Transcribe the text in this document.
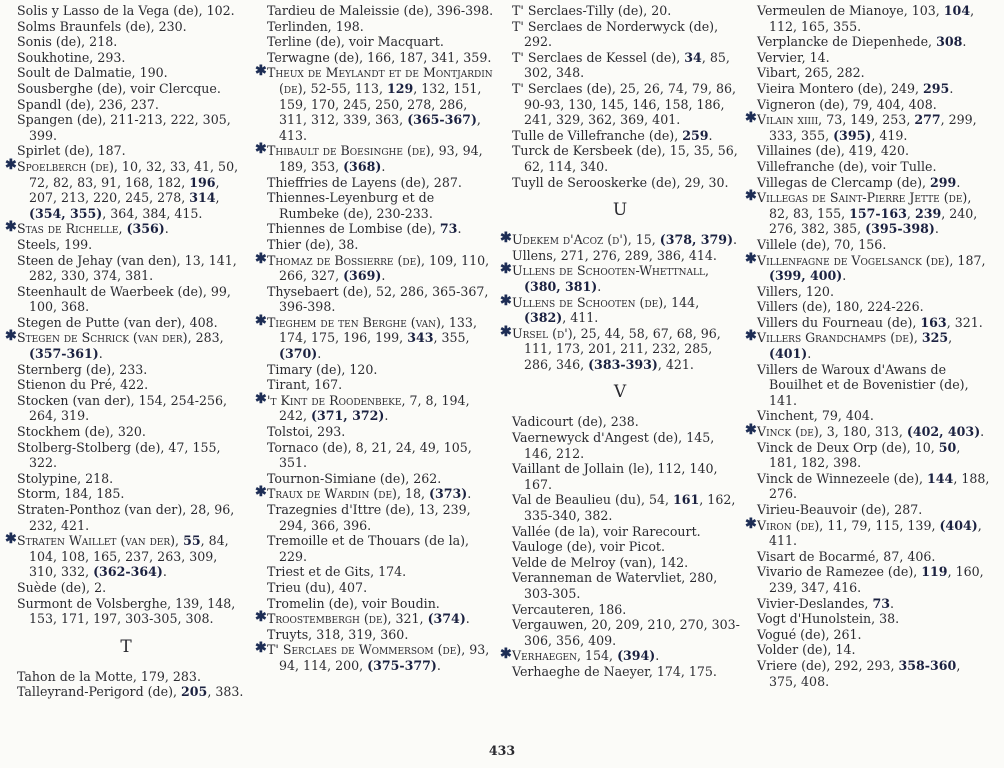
Solis y Lasso de la Vega (de), 102.
Solms Braunfels (de), 230.
Sonis (de), 218.
Soukhotine, 293.
Soult de Dalmatie, 190.
Sousberghe (de), voir Clercque.
Spandl (de), 236, 237.
Spangen (de), 211-213, 222, 305, 399.
Spirlet (de), 187.
✱ Spoelberch (de), 10, 32, 33, 41, 50, 72, 82, 83, 91, 168, 182, 196, 207, 213, 220, 245, 278, 314, (354, 355), 364, 384, 415.
✱ Stas de Richelle, (356).
Steels, 199.
Steen de Jehay (van den), 13, 141, 282, 330, 374, 381.
Steenhault de Waerbeek (de), 99, 100, 368.
Stegen de Putte (van der), 408.
✱ Stegen de Schrick (van der), 283, (357-361).
Sternberg (de), 233.
Stienon du Pré, 422.
Stocken (van der), 154, 254-256, 264, 319.
Stockhem (de), 320.
Stolberg-Stolberg (de), 47, 155, 322.
Stolypine, 218.
Storm, 184, 185.
Straten-Ponthoz (van der), 28, 96, 232, 421.
✱ Straten Waillet (van der), 55, 84, 104, 108, 165, 237, 263, 309, 310, 332, (362-364).
Suède (de), 2.
Surmont de Volsberghe, 139, 148, 153, 171, 197, 303-305, 308.
T
Tahon de la Motte, 179, 283.
Talleyrand-Perigord (de), 205, 383.
Tardieu de Maleissie (de), 396-398.
Terlinden, 198.
Terline (de), voir Macquart.
Terwagne (de), 166, 187, 341, 359.
✱ Theux de Meylandt et de Montjardin (de), 52-55, 113, 129, 132, 151, 159, 170, 245, 250, 278, 286, 311, 312, 339, 363, (365-367), 413.
✱ Thibault de Boesinghe (de), 93, 94, 189, 353, (368).
Thieffries de Layens (de), 287.
Thiennes-Leyenburg et de Rumbeke (de), 230-233.
Thiennes de Lombise (de), 73.
Thier (de), 38.
✱ Thomaz de Bossierre (de), 109, 110, 266, 327, (369).
Thysebaert (de), 52, 286, 365-367, 396-398.
✱ Tieghem de ten Berghe (van), 133, 174, 175, 196, 199, 343, 355, (370).
Timary (de), 120.
Tirant, 167.
✱ 't Kint de Roodenbeke, 7, 8, 194, 242, (371, 372).
Tolstoi, 293.
Tornaco (de), 8, 21, 24, 49, 105, 351.
Tournon-Simiane (de), 262.
✱ Traux de Wardin (de), 18, (373).
Trazegnies d'Ittre (de), 13, 239, 294, 366, 396.
Tremoille et de Thouars (de la), 229.
Triest et de Gits, 174.
Trieu (du), 407.
Tromelin (de), voir Boudin.
✱ Troostembergh (de), 321, (374).
Truyts, 318, 319, 360.
✱ T' Serclaes de Wommersom (de), 93, 94, 114, 200, (375-377).
T' Serclaes-Tilly (de), 20.
T' Serclaes de Norderwyck (de), 292.
T' Serclaes de Kessel (de), 34, 85, 302, 348.
T' Serclaes (de), 25, 26, 74, 79, 86, 90-93, 130, 145, 146, 158, 186, 241, 329, 362, 369, 401.
Tulle de Villefranche (de), 259.
Turck de Kersbeek (de), 15, 35, 56, 62, 114, 340.
Tuyll de Serooskerke (de), 29, 30.
U
✱ Udekem d'Acoz (d'), 15, (378, 379).
Ullens, 271, 276, 289, 386, 414.
✱ Ullens de Schooten-Whettnall, (380, 381).
✱ Ullens de Schooten (de), 144, (382), 411.
✱ Ursel (d'), 25, 44, 58, 67, 68, 96, 111, 173, 201, 211, 232, 285, 286, 346, (383-393), 421.
V
Vadicourt (de), 238.
Vaernewyck d'Angest (de), 145, 146, 212.
Vaillant de Jollain (le), 112, 140, 167.
Val de Beaulieu (du), 54, 161, 162, 335-340, 382.
Vallée (de la), voir Rarecourt.
Vauloge (de), voir Picot.
Velde de Melroy (van), 142.
Veranneman de Watervliet, 280, 303-305.
Vercauteren, 186.
Vergauwen, 20, 209, 210, 270, 303-306, 356, 409.
✱ Verhaegen, 154, (394).
Verhaeghe de Naeyer, 174, 175.
Vermeulen de Mianoye, 103, 104, 112, 165, 355.
Verplancke de Diepenhede, 308.
Vervier, 14.
Vibart, 265, 282.
Vieira Montero (de), 249, 295.
Vigneron (de), 79, 404, 408.
✱ Vilain xiiii, 73, 149, 253, 277, 299, 333, 355, (395), 419.
Villaines (de), 419, 420.
Villefranche (de), voir Tulle.
Villegas de Clercamp (de), 299.
✱ Villegas de Saint-Pierre Jette (de), 82, 83, 155, 157-163, 239, 240, 276, 382, 385, (395-398).
Villele (de), 70, 156.
✱ Villenfagne de Vogelsanck (de), 187, (399, 400).
Villers, 120.
Villers (de), 180, 224-226.
Villers du Fourneau (de), 163, 321.
✱ Villers Grandchamps (de), 325, (401).
Villers de Waroux d'Awans de Bouilhet et de Bovenistier (de), 141.
Vinchent, 79, 404.
✱ Vinck (de), 3, 180, 313, (402, 403).
Vinck de Deux Orp (de), 10, 50, 181, 182, 398.
Vinck de Winnezeele (de), 144, 188, 276.
Virieu-Beauvoir (de), 287.
✱ Viron (de), 11, 79, 115, 139, (404), 411.
Visart de Bocarmé, 87, 406.
Vivario de Ramezee (de), 119, 160, 239, 347, 416.
Vivier-Deslandes, 73.
Vogt d'Hunolstein, 38.
Vogué (de), 261.
Volder (de), 14.
Vriere (de), 292, 293, 358-360, 375, 408.
433
